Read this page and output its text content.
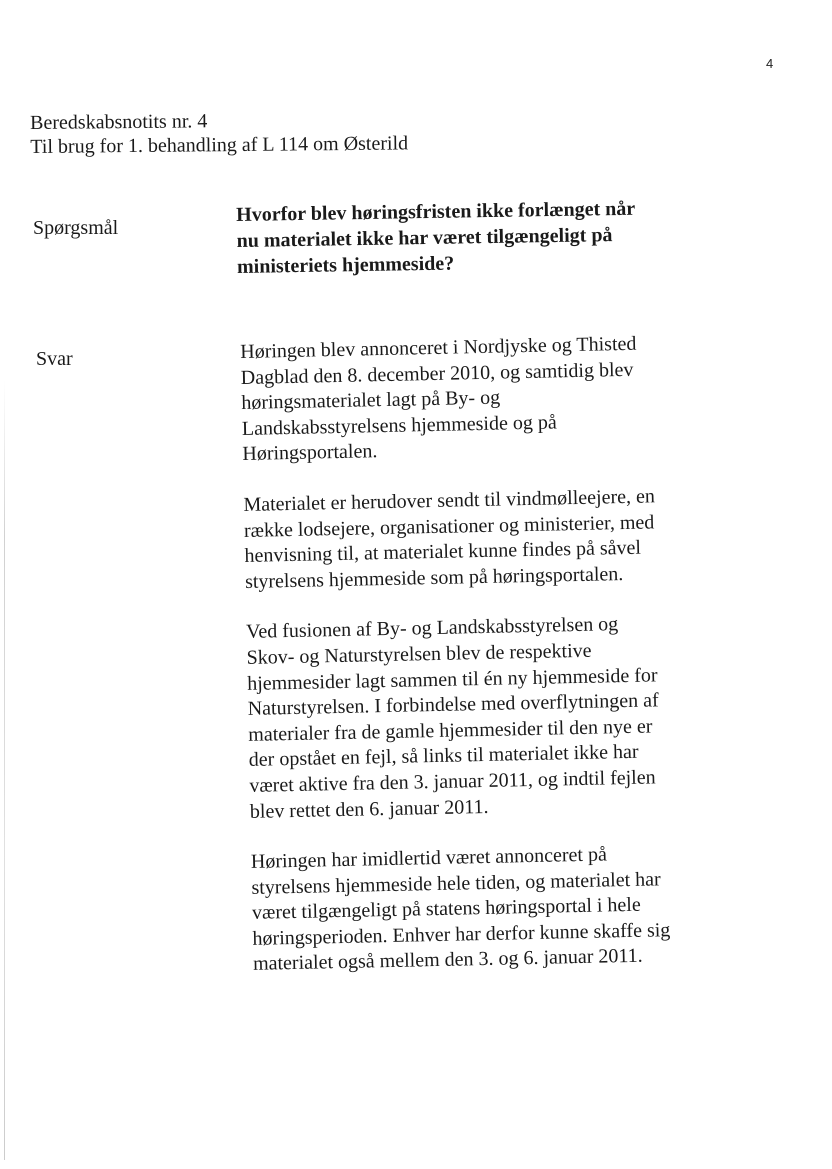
4
Beredskabsnotits nr. 4
Til brug for 1. behandling af L 114 om Østerild
Spørgsmål
Hvorfor blev høringsfristen ikke forlænget når
nu materialet ikke har været tilgængeligt på
ministeriets hjemmeside?
Svar	Høringen blev annonceret i Nordjyske og Thisted
Dagblad den 8. december 2010, og samtidig blev
høringsmaterialet lagt på By- og
Landskabsstyrelsens hjemmeside og på
Høringsportalen.
Materialet er herudover sendt til vindmølleejere, en
række lodsejere, organisationer og ministerier, med
henvisning til, at materialet kunne findes på såvel
styrelsens hjemmeside som på høringsportalen.
Ved fusionen af By- og Landskabsstyrelsen og
Skov- og Naturstyrelsen blev de respektive
hjemmesider lagt sammen til én ny hjemmeside for
Naturstyrelsen. I forbindelse med overflytningen af
materialer fra de gamle hjemmesider til den nye er
der opstået en fejl, så links til materialet ikke har
været aktive fra den 3. januar 2011, og indtil fejlen
blev rettet den 6. januar 2011.
Høringen har imidlertid været annonceret på
styrelsens hjemmeside hele tiden, og materialet har
været tilgængeligt på statens høringsportal i hele
høringsperioden. Enhver har derfor kunne skaffe sig
materialet også mellem den 3. og 6. januar 2011.
